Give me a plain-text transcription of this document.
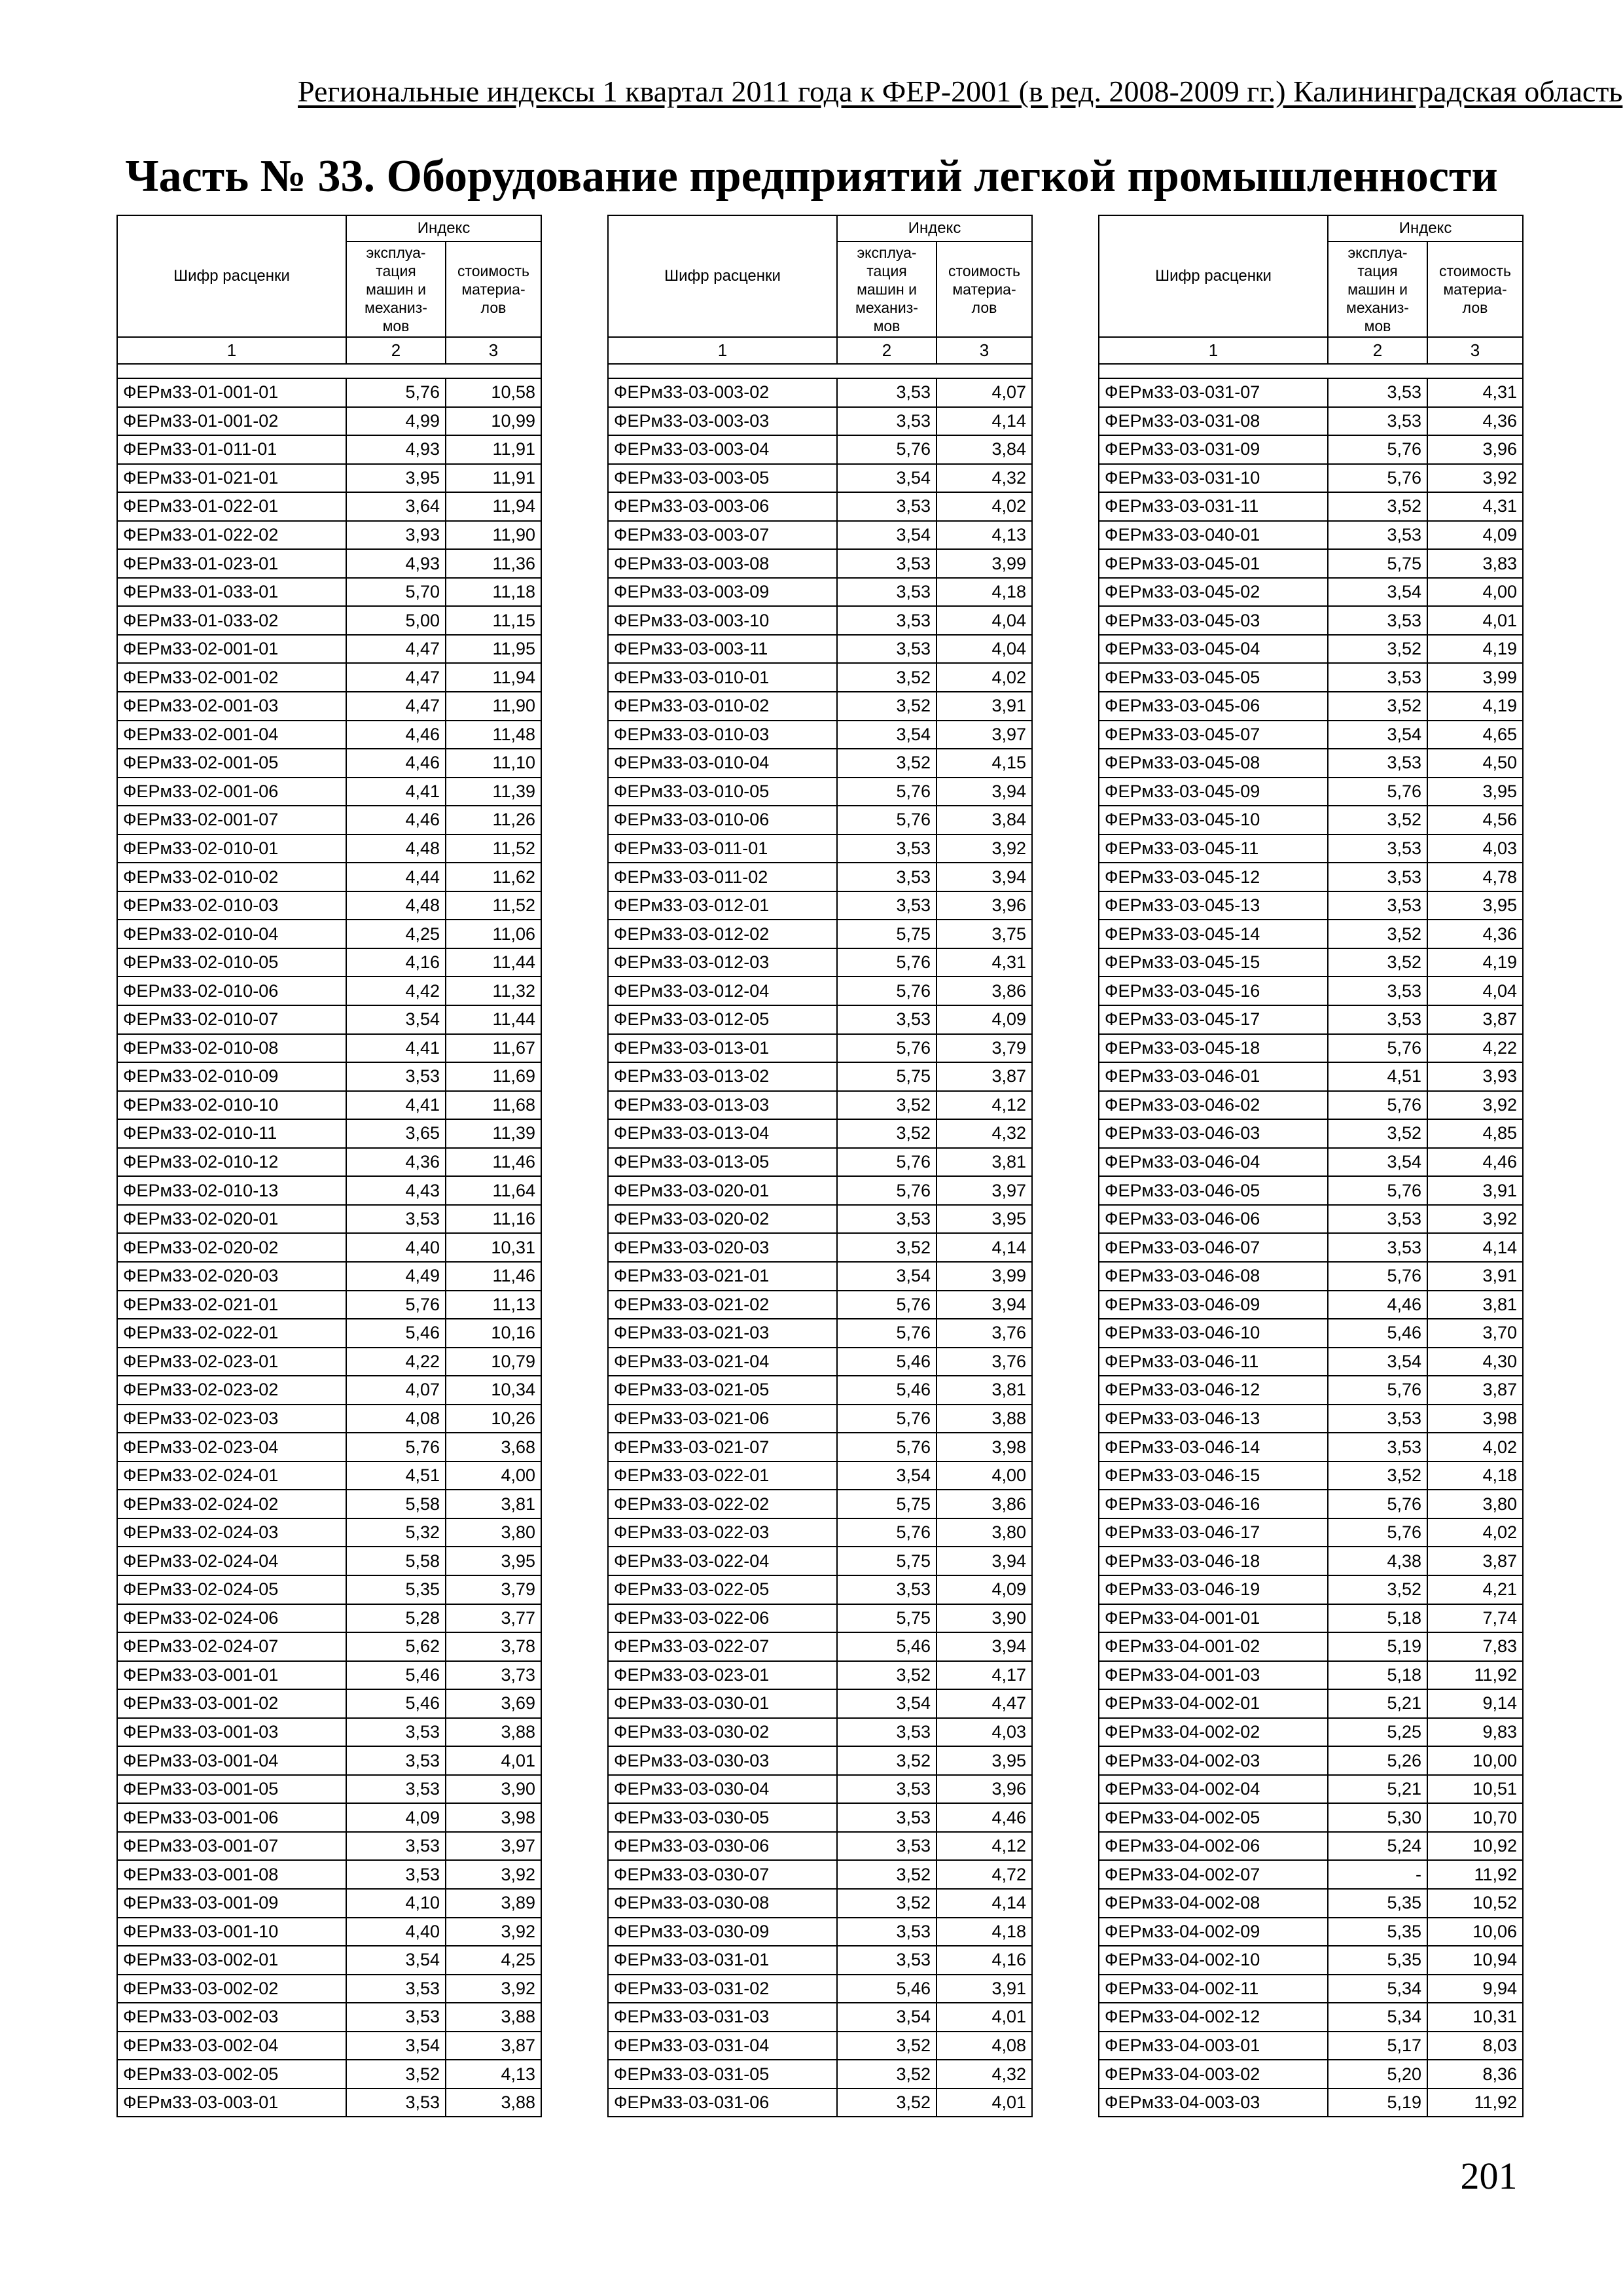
Региональные индексы 1 квартал 2011 года к ФЕР-2001 (в ред. 2008-2009 гг.) Калининградская область
Часть № 33. Оборудование предприятий легкой промышленности
Шифр расценки	Индекс	
	эксплуа-
тация
машин и
механиз-
мов	стоимость
материа-
лов
1	2	3

ФЕРм33-01-001-01	5,76	10,58
ФЕРм33-01-001-02	4,99	10,99
ФЕРм33-01-011-01	4,93	11,91
ФЕРм33-01-021-01	3,95	11,91
ФЕРм33-01-022-01	3,64	11,94
ФЕРм33-01-022-02	3,93	11,90
ФЕРм33-01-023-01	4,93	11,36
ФЕРм33-01-033-01	5,70	11,18
ФЕРм33-01-033-02	5,00	11,15
ФЕРм33-02-001-01	4,47	11,95
ФЕРм33-02-001-02	4,47	11,94
ФЕРм33-02-001-03	4,47	11,90
ФЕРм33-02-001-04	4,46	11,48
ФЕРм33-02-001-05	4,46	11,10
ФЕРм33-02-001-06	4,41	11,39
ФЕРм33-02-001-07	4,46	11,26
ФЕРм33-02-010-01	4,48	11,52
ФЕРм33-02-010-02	4,44	11,62
ФЕРм33-02-010-03	4,48	11,52
ФЕРм33-02-010-04	4,25	11,06
ФЕРм33-02-010-05	4,16	11,44
ФЕРм33-02-010-06	4,42	11,32
ФЕРм33-02-010-07	3,54	11,44
ФЕРм33-02-010-08	4,41	11,67
ФЕРм33-02-010-09	3,53	11,69
ФЕРм33-02-010-10	4,41	11,68
ФЕРм33-02-010-11	3,65	11,39
ФЕРм33-02-010-12	4,36	11,46
ФЕРм33-02-010-13	4,43	11,64
ФЕРм33-02-020-01	3,53	11,16
ФЕРм33-02-020-02	4,40	10,31
ФЕРм33-02-020-03	4,49	11,46
ФЕРм33-02-021-01	5,76	11,13
ФЕРм33-02-022-01	5,46	10,16
ФЕРм33-02-023-01	4,22	10,79
ФЕРм33-02-023-02	4,07	10,34
ФЕРм33-02-023-03	4,08	10,26
ФЕРм33-02-023-04	5,76	3,68
ФЕРм33-02-024-01	4,51	4,00
ФЕРм33-02-024-02	5,58	3,81
ФЕРм33-02-024-03	5,32	3,80
ФЕРм33-02-024-04	5,58	3,95
ФЕРм33-02-024-05	5,35	3,79
ФЕРм33-02-024-06	5,28	3,77
ФЕРм33-02-024-07	5,62	3,78
ФЕРм33-03-001-01	5,46	3,73
ФЕРм33-03-001-02	5,46	3,69
ФЕРм33-03-001-03	3,53	3,88
ФЕРм33-03-001-04	3,53	4,01
ФЕРм33-03-001-05	3,53	3,90
ФЕРм33-03-001-06	4,09	3,98
ФЕРм33-03-001-07	3,53	3,97
ФЕРм33-03-001-08	3,53	3,92
ФЕРм33-03-001-09	4,10	3,89
ФЕРм33-03-001-10	4,40	3,92
ФЕРм33-03-002-01	3,54	4,25
ФЕРм33-03-002-02	3,53	3,92
ФЕРм33-03-002-03	3,53	3,88
ФЕРм33-03-002-04	3,54	3,87
ФЕРм33-03-002-05	3,52	4,13
ФЕРм33-03-003-01	3,53	3,88
Шифр расценки	Индекс	
	эксплуа-
тация
машин и
механиз-
мов	стоимость
материа-
лов
1	2	3

ФЕРм33-03-003-02	3,53	4,07
ФЕРм33-03-003-03	3,53	4,14
ФЕРм33-03-003-04	5,76	3,84
ФЕРм33-03-003-05	3,54	4,32
ФЕРм33-03-003-06	3,53	4,02
ФЕРм33-03-003-07	3,54	4,13
ФЕРм33-03-003-08	3,53	3,99
ФЕРм33-03-003-09	3,53	4,18
ФЕРм33-03-003-10	3,53	4,04
ФЕРм33-03-003-11	3,53	4,04
ФЕРм33-03-010-01	3,52	4,02
ФЕРм33-03-010-02	3,52	3,91
ФЕРм33-03-010-03	3,54	3,97
ФЕРм33-03-010-04	3,52	4,15
ФЕРм33-03-010-05	5,76	3,94
ФЕРм33-03-010-06	5,76	3,84
ФЕРм33-03-011-01	3,53	3,92
ФЕРм33-03-011-02	3,53	3,94
ФЕРм33-03-012-01	3,53	3,96
ФЕРм33-03-012-02	5,75	3,75
ФЕРм33-03-012-03	5,76	4,31
ФЕРм33-03-012-04	5,76	3,86
ФЕРм33-03-012-05	3,53	4,09
ФЕРм33-03-013-01	5,76	3,79
ФЕРм33-03-013-02	5,75	3,87
ФЕРм33-03-013-03	3,52	4,12
ФЕРм33-03-013-04	3,52	4,32
ФЕРм33-03-013-05	5,76	3,81
ФЕРм33-03-020-01	5,76	3,97
ФЕРм33-03-020-02	3,53	3,95
ФЕРм33-03-020-03	3,52	4,14
ФЕРм33-03-021-01	3,54	3,99
ФЕРм33-03-021-02	5,76	3,94
ФЕРм33-03-021-03	5,76	3,76
ФЕРм33-03-021-04	5,46	3,76
ФЕРм33-03-021-05	5,46	3,81
ФЕРм33-03-021-06	5,76	3,88
ФЕРм33-03-021-07	5,76	3,98
ФЕРм33-03-022-01	3,54	4,00
ФЕРм33-03-022-02	5,75	3,86
ФЕРм33-03-022-03	5,76	3,80
ФЕРм33-03-022-04	5,75	3,94
ФЕРм33-03-022-05	3,53	4,09
ФЕРм33-03-022-06	5,75	3,90
ФЕРм33-03-022-07	5,46	3,94
ФЕРм33-03-023-01	3,52	4,17
ФЕРм33-03-030-01	3,54	4,47
ФЕРм33-03-030-02	3,53	4,03
ФЕРм33-03-030-03	3,52	3,95
ФЕРм33-03-030-04	3,53	3,96
ФЕРм33-03-030-05	3,53	4,46
ФЕРм33-03-030-06	3,53	4,12
ФЕРм33-03-030-07	3,52	4,72
ФЕРм33-03-030-08	3,52	4,14
ФЕРм33-03-030-09	3,53	4,18
ФЕРм33-03-031-01	3,53	4,16
ФЕРм33-03-031-02	5,46	3,91
ФЕРм33-03-031-03	3,54	4,01
ФЕРм33-03-031-04	3,52	4,08
ФЕРм33-03-031-05	3,52	4,32
ФЕРм33-03-031-06	3,52	4,01
Шифр расценки	Индекс	
	эксплуа-
тация
машин и
механиз-
мов	стоимость
материа-
лов
1	2	3

ФЕРм33-03-031-07	3,53	4,31
ФЕРм33-03-031-08	3,53	4,36
ФЕРм33-03-031-09	5,76	3,96
ФЕРм33-03-031-10	5,76	3,92
ФЕРм33-03-031-11	3,52	4,31
ФЕРм33-03-040-01	3,53	4,09
ФЕРм33-03-045-01	5,75	3,83
ФЕРм33-03-045-02	3,54	4,00
ФЕРм33-03-045-03	3,53	4,01
ФЕРм33-03-045-04	3,52	4,19
ФЕРм33-03-045-05	3,53	3,99
ФЕРм33-03-045-06	3,52	4,19
ФЕРм33-03-045-07	3,54	4,65
ФЕРм33-03-045-08	3,53	4,50
ФЕРм33-03-045-09	5,76	3,95
ФЕРм33-03-045-10	3,52	4,56
ФЕРм33-03-045-11	3,53	4,03
ФЕРм33-03-045-12	3,53	4,78
ФЕРм33-03-045-13	3,53	3,95
ФЕРм33-03-045-14	3,52	4,36
ФЕРм33-03-045-15	3,52	4,19
ФЕРм33-03-045-16	3,53	4,04
ФЕРм33-03-045-17	3,53	3,87
ФЕРм33-03-045-18	5,76	4,22
ФЕРм33-03-046-01	4,51	3,93
ФЕРм33-03-046-02	5,76	3,92
ФЕРм33-03-046-03	3,52	4,85
ФЕРм33-03-046-04	3,54	4,46
ФЕРм33-03-046-05	5,76	3,91
ФЕРм33-03-046-06	3,53	3,92
ФЕРм33-03-046-07	3,53	4,14
ФЕРм33-03-046-08	5,76	3,91
ФЕРм33-03-046-09	4,46	3,81
ФЕРм33-03-046-10	5,46	3,70
ФЕРм33-03-046-11	3,54	4,30
ФЕРм33-03-046-12	5,76	3,87
ФЕРм33-03-046-13	3,53	3,98
ФЕРм33-03-046-14	3,53	4,02
ФЕРм33-03-046-15	3,52	4,18
ФЕРм33-03-046-16	5,76	3,80
ФЕРм33-03-046-17	5,76	4,02
ФЕРм33-03-046-18	4,38	3,87
ФЕРм33-03-046-19	3,52	4,21
ФЕРм33-04-001-01	5,18	7,74
ФЕРм33-04-001-02	5,19	7,83
ФЕРм33-04-001-03	5,18	11,92
ФЕРм33-04-002-01	5,21	9,14
ФЕРм33-04-002-02	5,25	9,83
ФЕРм33-04-002-03	5,26	10,00
ФЕРм33-04-002-04	5,21	10,51
ФЕРм33-04-002-05	5,30	10,70
ФЕРм33-04-002-06	5,24	10,92
ФЕРм33-04-002-07	-	11,92
ФЕРм33-04-002-08	5,35	10,52
ФЕРм33-04-002-09	5,35	10,06
ФЕРм33-04-002-10	5,35	10,94
ФЕРм33-04-002-11	5,34	9,94
ФЕРм33-04-002-12	5,34	10,31
ФЕРм33-04-003-01	5,17	8,03
ФЕРм33-04-003-02	5,20	8,36
ФЕРм33-04-003-03	5,19	11,92
201
